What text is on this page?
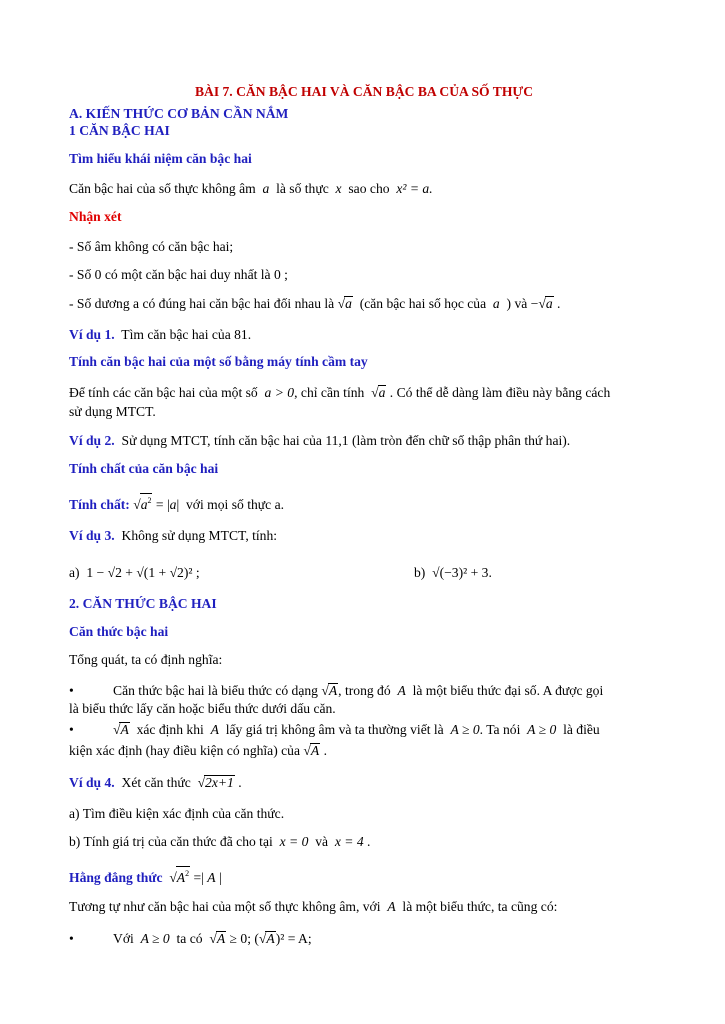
BÀI 7. CĂN BẬC HAI VÀ CĂN BẬC BA CỦA SỐ THỰC
A. KIẾN THỨC CƠ BẢN CẦN NẮM
1 CĂN BẬC HAI
Tìm hiểu khái niệm căn bậc hai
Căn bậc hai của số thực không âm a là số thực x sao cho x² = a.
Nhận xét
- Số âm không có căn bậc hai;
- Số 0 có một căn bậc hai duy nhất là 0 ;
- Số dương a có đúng hai căn bậc hai đối nhau là √a (căn bậc hai số học của a ) và −√a .
Ví dụ 1. Tìm căn bậc hai của 81.
Tính căn bậc hai của một số bằng máy tính cầm tay
Để tính các căn bậc hai của một số a > 0, chỉ cần tính √a . Có thể dễ dàng làm điều này bằng cách
sử dụng MTCT.
Ví dụ 2. Sử dụng MTCT, tính căn bậc hai của 11,1 (làm tròn đến chữ số thập phân thứ hai).
Tính chất của căn bậc hai
Tính chất: $√a^2 = |a|$  với mọi số thực a.
Ví dụ 3. Không sử dụng MTCT, tính:
a) 1 − √2 + √(1 + √2)² ;	b) √(−3)² + 3.
2. CĂN THỨC BẬC HAI
Căn thức bậc hai
Tổng quát, ta có định nghĩa:
•	Căn thức bậc hai là biểu thức có dạng √A, trong đó A là một biểu thức đại số. A được gọi
là biểu thức lấy căn hoặc biểu thức dưới dấu căn.
•	√A xác định khi A lấy giá trị không âm và ta thường viết là A ≥ 0. Ta nói A ≥ 0 là điều
kiện xác định (hay điều kiện có nghĩa) của √A .
Ví dụ 4. Xét căn thức √2x+1 .
a) Tìm điều kiện xác định của căn thức.
b) Tính giá trị của căn thức đã cho tại x = 0 và x = 4 .
Hằng đẳng thức $√A^2$ =| A |
Tương tự như căn bậc hai của một số thực không âm, với A là một biểu thức, ta cũng có:
•	Với A ≥ 0 ta có √A ≥ 0; (√A)² = A;
